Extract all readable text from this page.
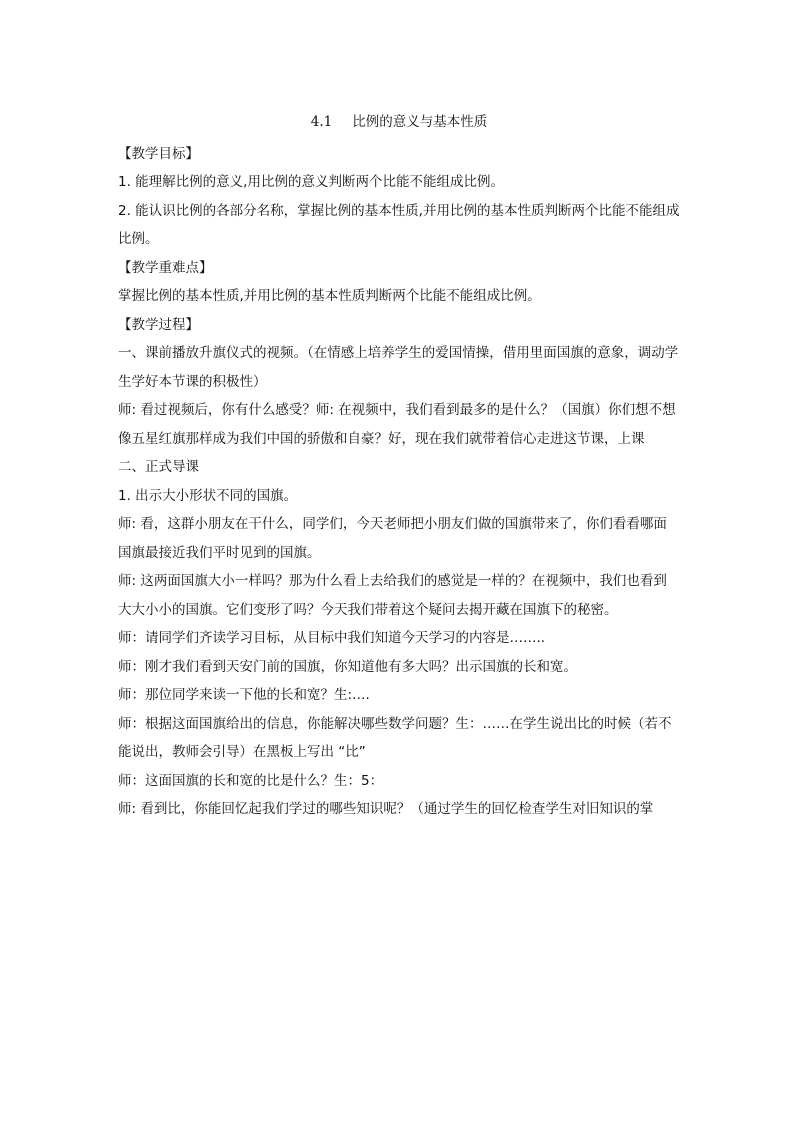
4.1 比例的意义与基本性质
【教学目标】
1. 能理解比例的意义,用比例的意义判断两个比能不能组成比例。
2. 能认识比例的各部分名称，掌握比例的基本性质,并用比例的基本性质判断两个比能不能组成比例。
【教学重难点】
掌握比例的基本性质,并用比例的基本性质判断两个比能不能组成比例。
【教学过程】
一、课前播放升旗仪式的视频。（在情感上培养学生的爱国情操，借用里面国旗的意象，调动学生学好本节课的积极性）
师: 看过视频后，你有什么感受？师: 在视频中，我们看到最多的是什么？（国旗）你们想不想像五星红旗那样成为我们中国的骄傲和自豪？好，现在我们就带着信心走进这节课，上课
二、正式导课
1. 出示大小形状不同的国旗。
师: 看，这群小朋友在干什么，同学们，今天老师把小朋友们做的国旗带来了，你们看看哪面国旗最接近我们平时见到的国旗。
师: 这两面国旗大小一样吗？那为什么看上去给我们的感觉是一样的？在视频中，我们也看到大大小小的国旗。它们变形了吗？今天我们带着这个疑问去揭开藏在国旗下的秘密。
师：请同学们齐读学习目标，从目标中我们知道今天学习的内容是……..
师：刚才我们看到天安门前的国旗，你知道他有多大吗？出示国旗的长和宽。
师：那位同学来读一下他的长和宽？生:….
师：根据这面国旗给出的信息，你能解决哪些数学问题？生：……在学生说出比的时候（若不能说出，教师会引导）在黑板上写出 “比”
师：这面国旗的长和宽的比是什么？生：5：
师: 看到比，你能回忆起我们学过的哪些知识呢？（通过学生的回忆检查学生对旧知识的掌
